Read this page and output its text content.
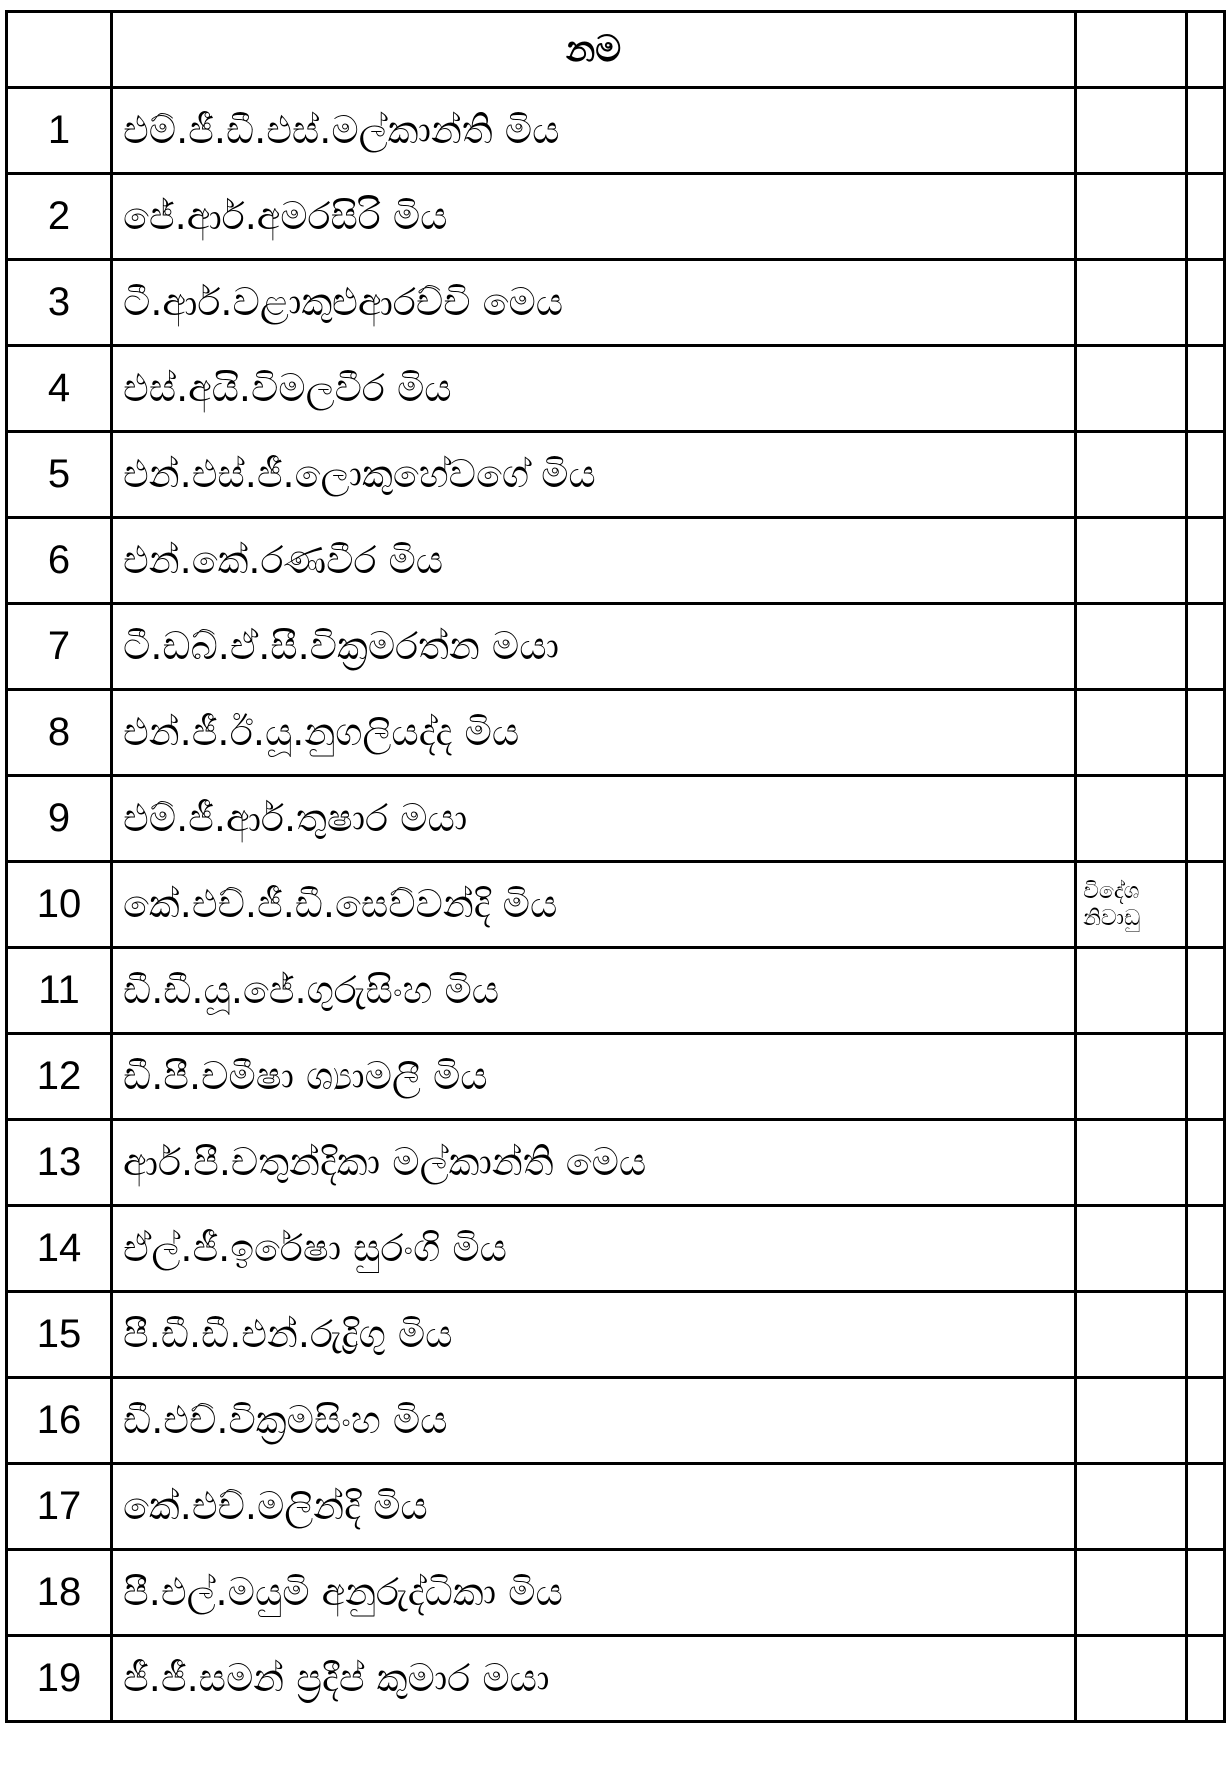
	නම		
1	එම්.ජී.ඩී.එස්.මල්කාන්ති මිය		
2	ජේ.ආර්.අමරසිරි මිය		
3	ටී.ආර්.වළාකුළුආරච්චි මෙය		
4	එස්.අයි.විමලවීර මිය		
5	එන්.එස්.ජී.ලොකුහේවගේ මිය		
6	එන්.කේ.රණවීර මිය		
7	ටී.ඩබ්.ඒ.සී.වික්‍රමරත්න මයා		
8	එන්.ජී.ඊ.යූ.නුගලියද්ද මිය		
9	එම්.ජී.ආර්.තුෂාර මයා		
10	කේ.එච්.ජී.ඩී.සෙව්වන්දි මිය	විදේශ
නිවාඩු	

11	ඩී.ඩී.යූ.ජේ.ගුරුසිංහ මිය		
12	ඩී.පී.චමීෂා ශ්‍යාමලී මිය		
13	ආර්.පී.චතුන්දිකා මල්කාන්ති මෙය		
14	ඒල්.ජී.ඉරේෂා සුරංගි මිය		
15	පී.ඩී.ඩී.එන්.රුද්‍රිගු මිය		
16	ඩී.එච්.වික්‍රමසිංහ මිය		
17	කේ.එච්.මලින්දි මිය		
18	පී.එල්.මයුමි අනුරුද්ධිකා මිය		
19	ජී.ජී.සමන් ප්‍රදීප් කුමාර මයා		
